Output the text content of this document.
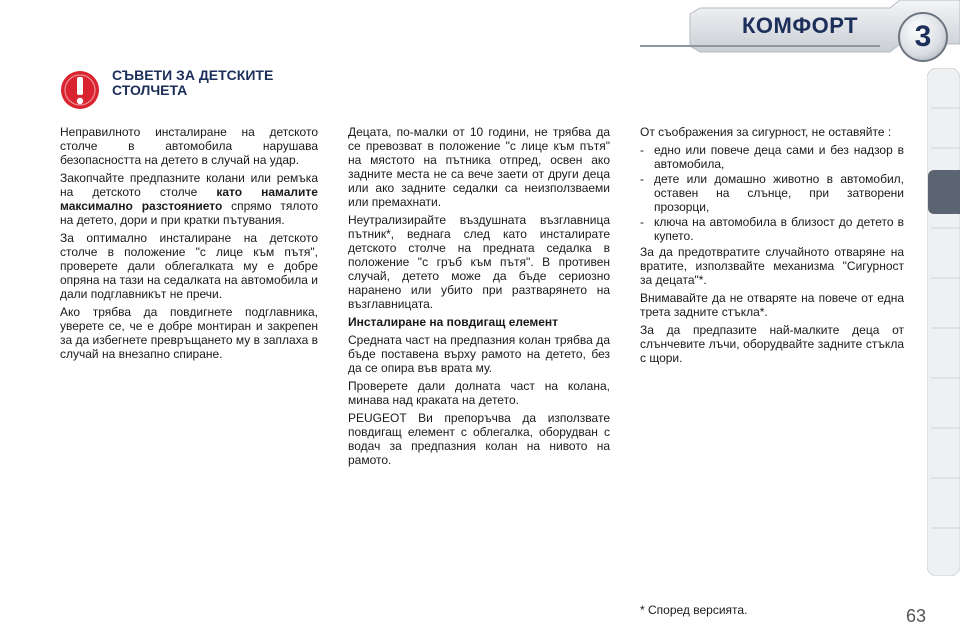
КОМФОРТ	3
СЪВЕТИ ЗА ДЕТСКИТЕ СТОЛЧЕТА

Неправилното инсталиране на детското столче в автомобила нарушава безопасността на детето в случай на удар.

Закопчайте предпазните колани или ремъка на детското столче като намалите максимално разстоянието спрямо тялото на детето, дори и при кратки пътувания.

За оптимално инсталиране на детското столче в положение "с лице към пътя", проверете дали облегалката му е добре опряна на тази на седалката на автомобила и дали подглавникът не пречи.

Ако трябва да повдигнете подглавника, уверете се, че е добре монтиран и закрепен за да избегнете превръщането му в заплаха в случай на внезапно спиране.

Децата, по-малки от 10 години, не трябва да се превозват в положение "с лице към пътя" на мястото на пътника отпред, освен ако задните места не са вече заети от други деца или ако задните седалки са неизползваеми или премахнати.

Неутрализирайте въздушната възглавница пътник*, веднага след като инсталирате детското столче на предната седалка в положение "с гръб към пътя". В противен случай, детето може да бъде сериозно наранено или убито при разтварянето на възглавницата.

Инсталиране на повдигащ елемент

Средната част на предпазния колан трябва да бъде поставена върху рамото на детето, без да се опира във врата му.

Проверете дали долната част на колана, минава над краката на детето.

PEUGEOT Ви препоръчва да използвате повдигащ елемент с облегалка, оборудван с водач за предпазния колан на нивото на рамото.

От съображения за сигурност, не оставяйте :

- едно или повече деца сами и без надзор в автомобила,
- дете или домашно животно в автомобил, оставен на слънце, при затворени прозорци,
- ключа на автомобила в близост до детето в купето.

За да предотвратите случайното отваряне на вратите, използвайте механизма "Сигурност за децата"*.

Внимавайте да не отваряте на повече от една трета задните стъкла*.

За да предпазите най-малките деца от слънчевите лъчи, оборудвайте задните стъкла с щори.

* Според версията.	63
